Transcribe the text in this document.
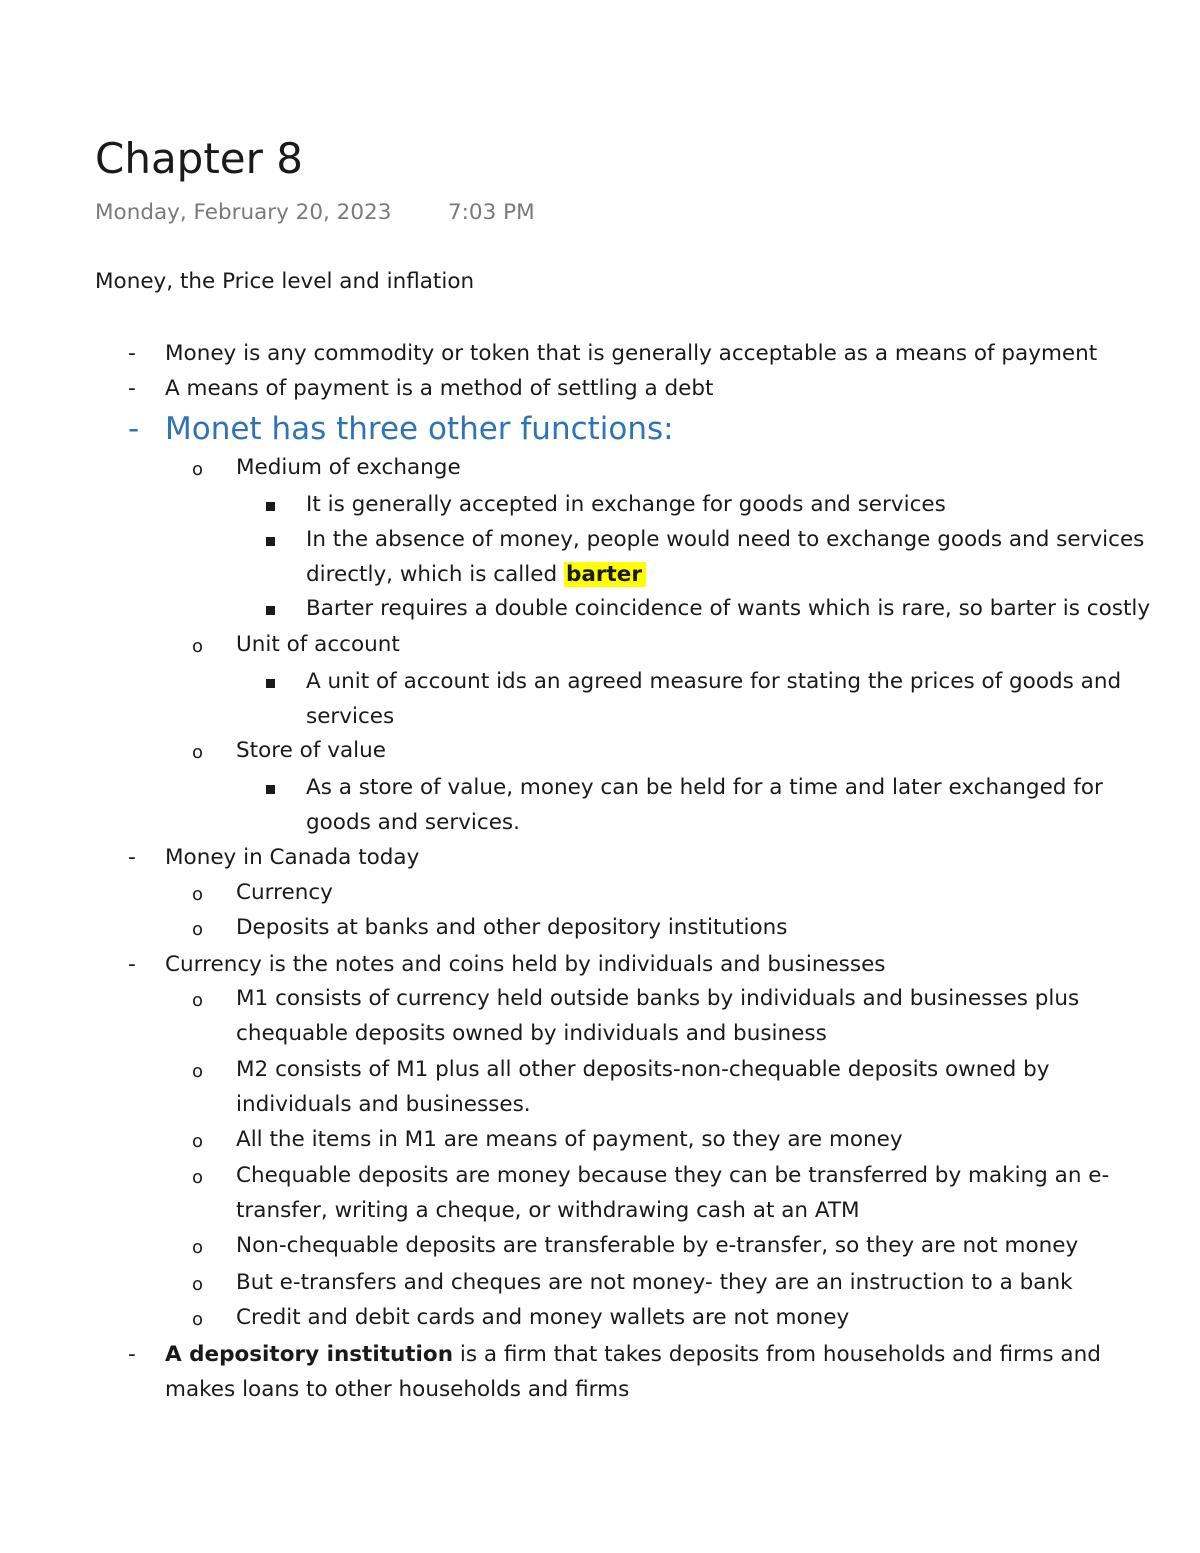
Chapter 8
Monday, February 20, 2023	7:03 PM
Money, the Price level and inflation
- Money is any commodity or token that is generally acceptable as a means of payment
- A means of payment is a method of settling a debt
- Monet has three other functions:
o Medium of exchange
It is generally accepted in exchange for goods and services
In the absence of money, people would need to exchange goods and services
directly, which is called barter
Barter requires a double coincidence of wants which is rare, so barter is costly
o Unit of account
A unit of account ids an agreed measure for stating the prices of goods and
services
o Store of value
As a store of value, money can be held for a time and later exchanged for
goods and services.
- Money in Canada today
o Currency
o Deposits at banks and other depository institutions
- Currency is the notes and coins held by individuals and businesses
o M1 consists of currency held outside banks by individuals and businesses plus
chequable deposits owned by individuals and business
o M2 consists of M1 plus all other deposits-non-chequable deposits owned by
individuals and businesses.
o All the items in M1 are means of payment, so they are money
o Chequable deposits are money because they can be transferred by making an e-
transfer, writing a cheque, or withdrawing cash at an ATM
o Non-chequable deposits are transferable by e-transfer, so they are not money
o But e-transfers and cheques are not money- they are an instruction to a bank
o Credit and debit cards and money wallets are not money
- A depository institution is a firm that takes deposits from households and firms and
makes loans to other households and firms
